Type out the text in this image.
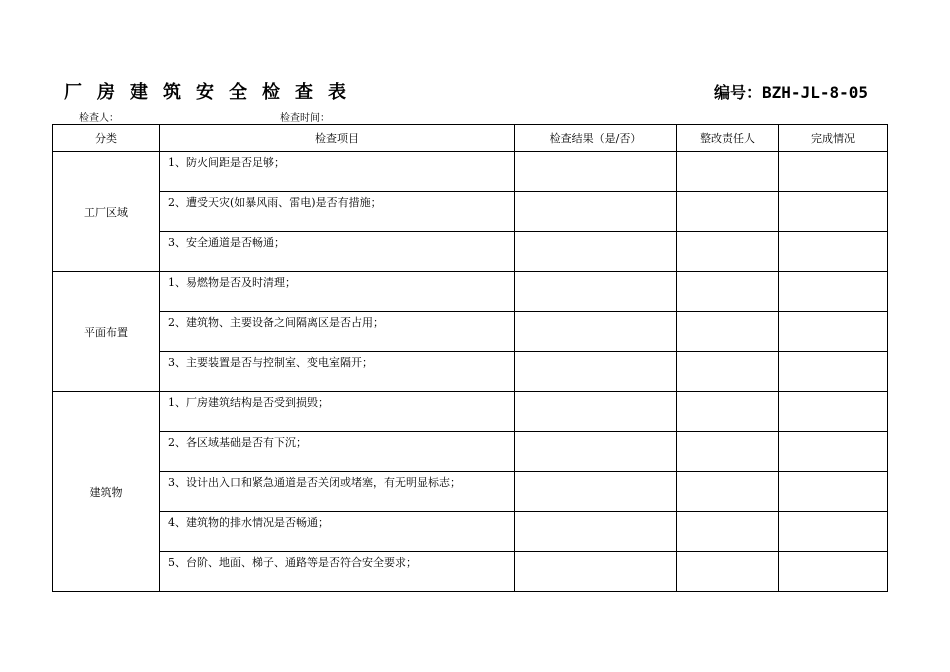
厂房建筑安全检查表	编号：BZH-JL-8-05
检查人：	检查时间：
分类	检查项目	检查结果（是/否）	整改责任人	完成情况
工厂区域	1、防火间距是否足够；			
	2、遭受天灾(如暴风雨、雷电)是否有措施；			
	3、安全通道是否畅通；			
平面布置	1、易燃物是否及时清理；			
	2、建筑物、主要设备之间隔离区是否占用；			
	3、主要装置是否与控制室、变电室隔开；			
建筑物	1、厂房建筑结构是否受到损毁；			
	2、各区域基础是否有下沉；			
	3、设计出入口和紧急通道是否关闭或堵塞，有无明显标志；			
	4、建筑物的排水情况是否畅通；			
	5、台阶、地面、梯子、通路等是否符合安全要求；			
